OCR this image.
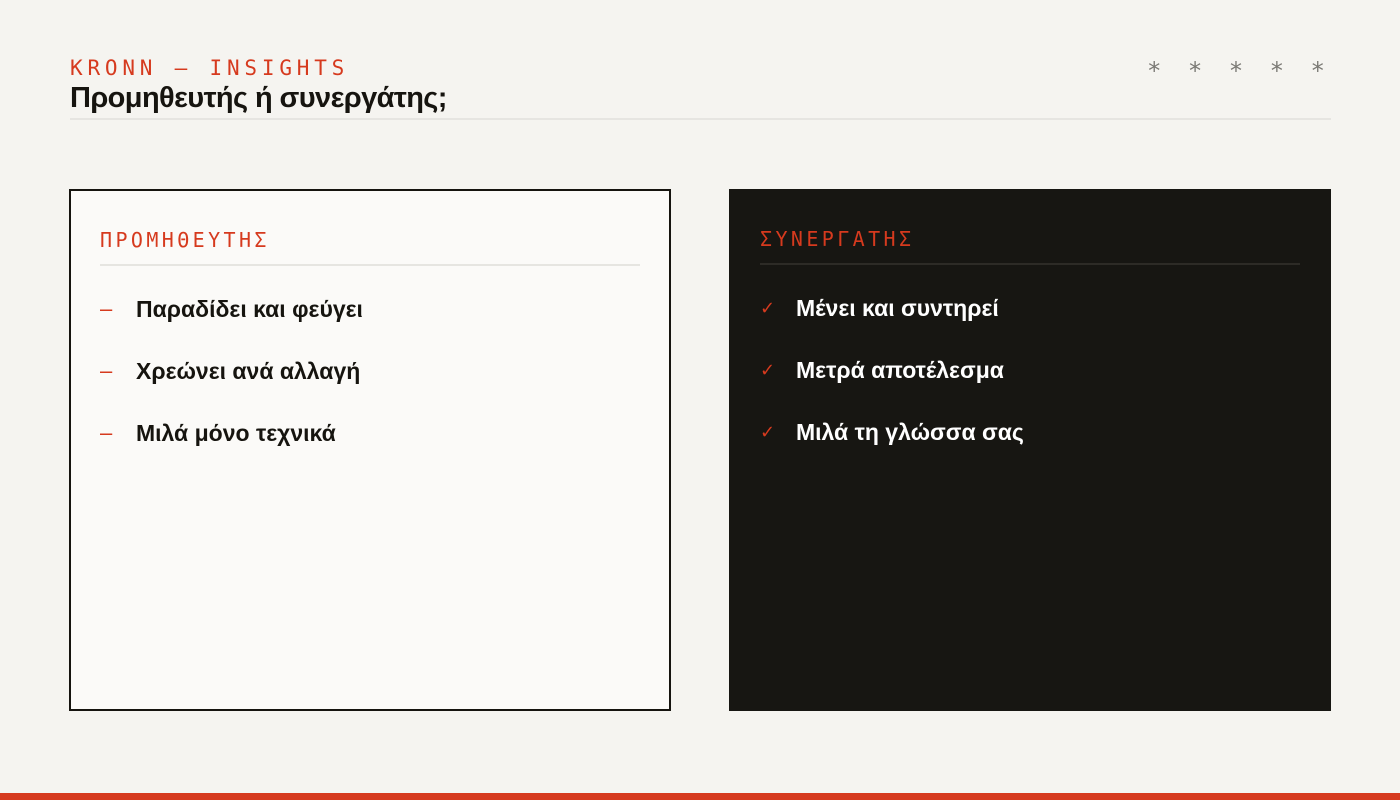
KRONN — INSIGHTS
Προμηθευτής ή συνεργάτης;
* * * * *
ΠΡΟΜΗΘΕΥΤΗΣ
–	Παραδίδει και φεύγει
–	Χρεώνει ανά αλλαγή
–	Μιλά μόνο τεχνικά
ΣΥΝΕΡΓΑΤΗΣ
✓ Μένει και συντηρεί
✓ Μετρά αποτέλεσμα
✓ Μιλά τη γλώσσα σας
